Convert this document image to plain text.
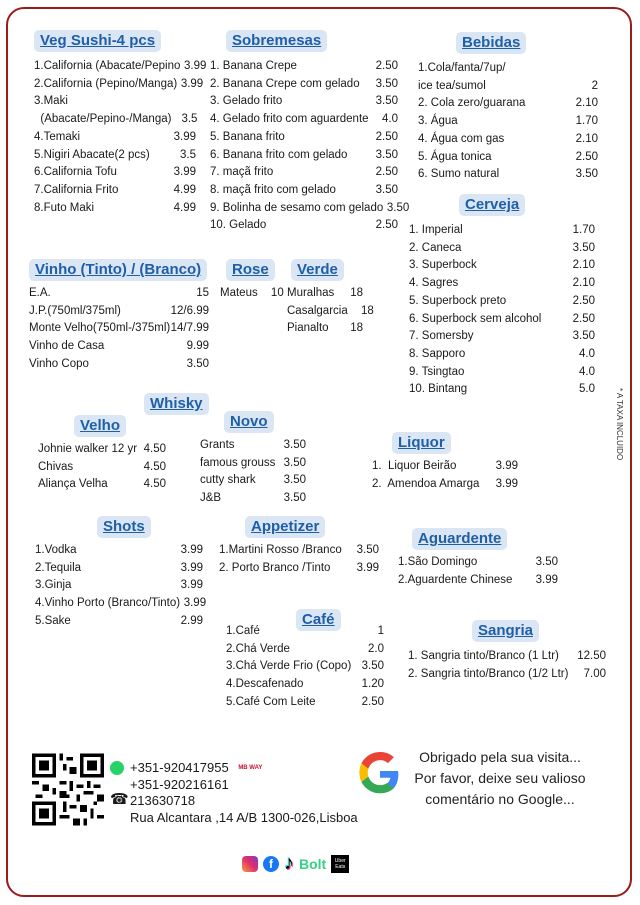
Veg Sushi-4 pcs
1.California (Abacate/Pepino 3.99
2.California (Pepino/Manga) 3.99
3.Maki
(Abacate/Pepino-/Manga) 3.5
4.Temaki	3.99
5.Nigiri Abacate(2 pcs)	3.5
6.California Tofu	3.99
7.California Frito	4.99
8.Futo Maki	4.99
Sobremesas
1. Banana Crepe	2.50
2. Banana Crepe com gelado	3.50
3. Gelado frito	3.50
4. Gelado frito com aguardente	4.0
5. Banana frito	2.50
6. Banana frito com gelado	3.50
7. maçã frito	2.50
8. maçã frito com gelado	3.50
9. Bolinha de sesamo com gelado 3.50
10. Gelado	2.50
Bebidas
1.Cola/fanta/7up/
ice tea/sumol	2
2. Cola zero/guarana	2.10
3. Água	1.70
4. Água com gas	2.10
5. Água tonica	2.50
6. Sumo natural	3.50
Cerveja
1. Imperial	1.70
2. Caneca	3.50
3. Superbock	2.10
4. Sagres	2.10
5. Superbock preto	2.50
6. Superbock sem alcohol	2.50
7. Somersby	3.50
8. Sapporo	4.0
9. Tsingtao	4.0
10. Bintang	5.0
Vinho (Tinto) / (Branco)
E.A.	15
J.P.(750ml/375ml)	12/6.99
Monte Velho(750ml-/375ml) 14/7.99
Vinho de Casa	9.99
Vinho Copo	3.50
Rose
Mateus	10
Verde
Muralhas	18
Casalgarcia	18
Pianalto	18
Whisky
Velho
Johnie walker 12 yr 4.50
Chivas	4.50
Aliança Velha	4.50
Novo
Grants	3.50
famous grouss 3.50
cutty shark	3.50
J&B	3.50
Liquor
1.  Liquor Beirão	3.99
2.  Amendoa Amarga	3.99
Shots
1.Vodka	3.99
2.Tequila	3.99
3.Ginja	3.99
4.Vinho Porto (Branco/Tinto) 3.99
5.Sake	2.99
Appetizer
1.Martini Rosso /Branco	3.50
2. Porto Branco /Tinto	3.99
Aguardente
1.São Domingo	3.50
2.Aguardente Chinese	3.99
Café
1.Café	1
2.Chá Verde	2.0
3.Chá Verde Frio (Copo) 3.50
4.Descafenado	1.20
5.Café Com Leite	2.50
Sangria
1. Sangria tinto/Branco (1 Ltr) 12.50
2. Sangria tinto/Branco (1/2 Ltr)	7.00
* A TAXA INCLUIDO
+351-920417955 MB WAY
+351-920216161
☎ 213630718
Rua Alcantara ,14 A/B 1300-026,Lisboa
Obrigado pela sua visita...
Por favor, deixe seu valioso
comentário no Google...
f ♪ Bolt	Uber Eats
